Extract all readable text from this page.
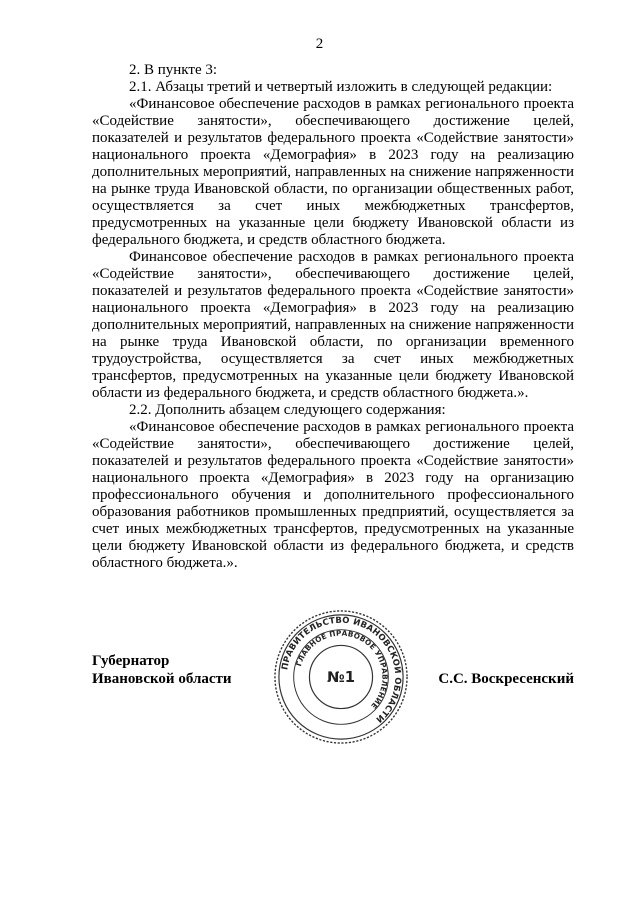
2

2. В пункте 3:

2.1. Абзацы третий и четвертый изложить в следующей редакции:

«Финансовое обеспечение расходов в рамках регионального проекта «Содействие занятости», обеспечивающего достижение целей, показателей и результатов федерального проекта «Содействие занятости» национального проекта «Демография» в 2023 году на реализацию дополнительных мероприятий, направленных на снижение напряженности на рынке труда Ивановской области, по организации общественных работ, осуществляется за счет иных межбюджетных трансфертов, предусмотренных на указанные цели бюджету Ивановской области из федерального бюджета, и средств областного бюджета.

Финансовое обеспечение расходов в рамках регионального проекта «Содействие занятости», обеспечивающего достижение целей, показателей и результатов федерального проекта «Содействие занятости» национального проекта «Демография» в 2023 году на реализацию дополнительных мероприятий, направленных на снижение напряженности на рынке труда Ивановской области, по организации временного трудоустройства, осуществляется за счет иных межбюджетных трансфертов, предусмотренных на указанные цели бюджету Ивановской области из федерального бюджета, и средств областного бюджета.».

2.2. Дополнить абзацем следующего содержания:

«Финансовое обеспечение расходов в рамках регионального проекта «Содействие занятости», обеспечивающего достижение целей, показателей и результатов федерального проекта «Содействие занятости» национального проекта «Демография» в 2023 году на организацию профессионального обучения и дополнительного профессионального образования работников промышленных предприятий, осуществляется за счет иных межбюджетных трансфертов, предусмотренных на указанные цели бюджету Ивановской области из федерального бюджета, и средств областного бюджета.».

Губернатор
Ивановской области
ПРАВИТЕЛЬСТВО ИВАНОВСКОЙ ОБЛАСТИ
ГЛАВНОЕ ПРАВОВОЕ УПРАВЛЕНИЕ
№1	С.С. Воскресенский
